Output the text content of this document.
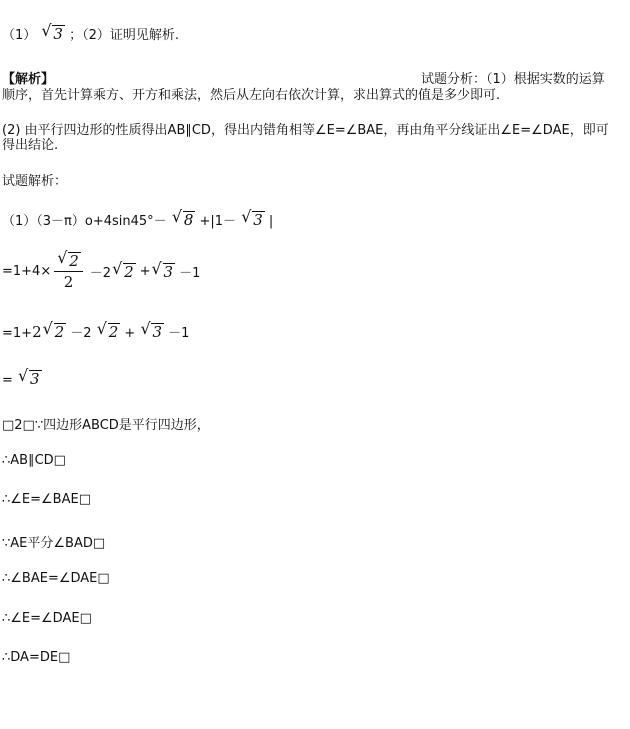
（1） √ 3 ；（2）证明见解析.
【解析】	试题分析：（1）根据实数的运算
顺序，首先计算乘方、开方和乘法，然后从左向右依次计算，求出算式的值是多少即可.
(2) 由平行四边形的性质得出AB∥CD，得出内错角相等∠E=∠BAE，再由角平分线证出∠E=∠DAE，即可
得出结论.
试题解析：
（1）（3－π）o+4sin45°－ √ 8 +|1－ √ 3 |
$=1+4\times \frac{√ 2}{2} -2$ √ 2 + √ 3 －1
=1+2 √ 2 －2 √ 2 + √ 3 －1
= √ 3
□2□∵四边形ABCD是平行四边形，
∴AB∥CD□
∴∠E=∠BAE□
∵AE平分∠BAD□
∴∠BAE=∠DAE□
∴∠E=∠DAE□
∴DA=DE□
